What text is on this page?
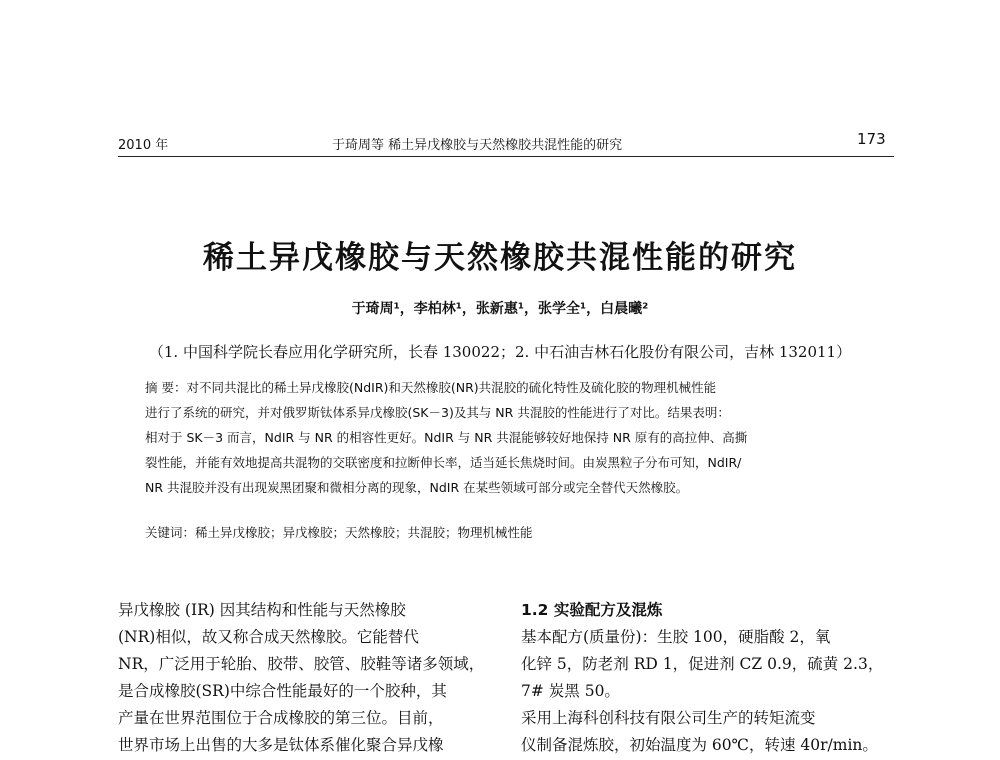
2010 年	于琦周等 稀土异戊橡胶与天然橡胶共混性能的研究	173
稀土异戊橡胶与天然橡胶共混性能的研究
于琦周¹，李柏林¹，张新惠¹，张学全¹，白晨曦²
（1. 中国科学院长春应用化学研究所，长春 130022；2. 中石油吉林石化股份有限公司，吉林 132011）
摘 要：对不同共混比的稀土异戊橡胶(NdIR)和天然橡胶(NR)共混胶的硫化特性及硫化胶的物理机械性能
进行了系统的研究，并对俄罗斯钛体系异戊橡胶(SK－3)及其与 NR 共混胶的性能进行了对比。结果表明：
相对于 SK－3 而言，NdIR 与 NR 的相容性更好。NdIR 与 NR 共混能够较好地保持 NR 原有的高拉伸、高撕
裂性能，并能有效地提高共混物的交联密度和拉断伸长率，适当延长焦烧时间。由炭黑粒子分布可知，NdIR/
NR 共混胶并没有出现炭黑团聚和微相分离的现象，NdIR 在某些领域可部分或完全替代天然橡胶。
关键词：稀土异戊橡胶；异戊橡胶；天然橡胶；共混胶；物理机械性能
异戊橡胶 (IR) 因其结构和性能与天然橡胶
(NR)相似，故又称合成天然橡胶。它能替代
NR，广泛用于轮胎、胶带、胶管、胶鞋等诸多领域，
是合成橡胶(SR)中综合性能最好的一个胶种，其
产量在世界范围位于合成橡胶的第三位。目前，
世界市场上出售的大多是钛体系催化聚合异戊橡
1.2 实验配方及混炼
基本配方(质量份)：生胶 100，硬脂酸 2，氧
化锌 5，防老剂 RD 1，促进剂 CZ 0.9，硫黄 2.3，
7# 炭黑 50。
采用上海科创科技有限公司生产的转矩流变
仪制备混炼胶，初始温度为 60℃，转速 40r/min。
